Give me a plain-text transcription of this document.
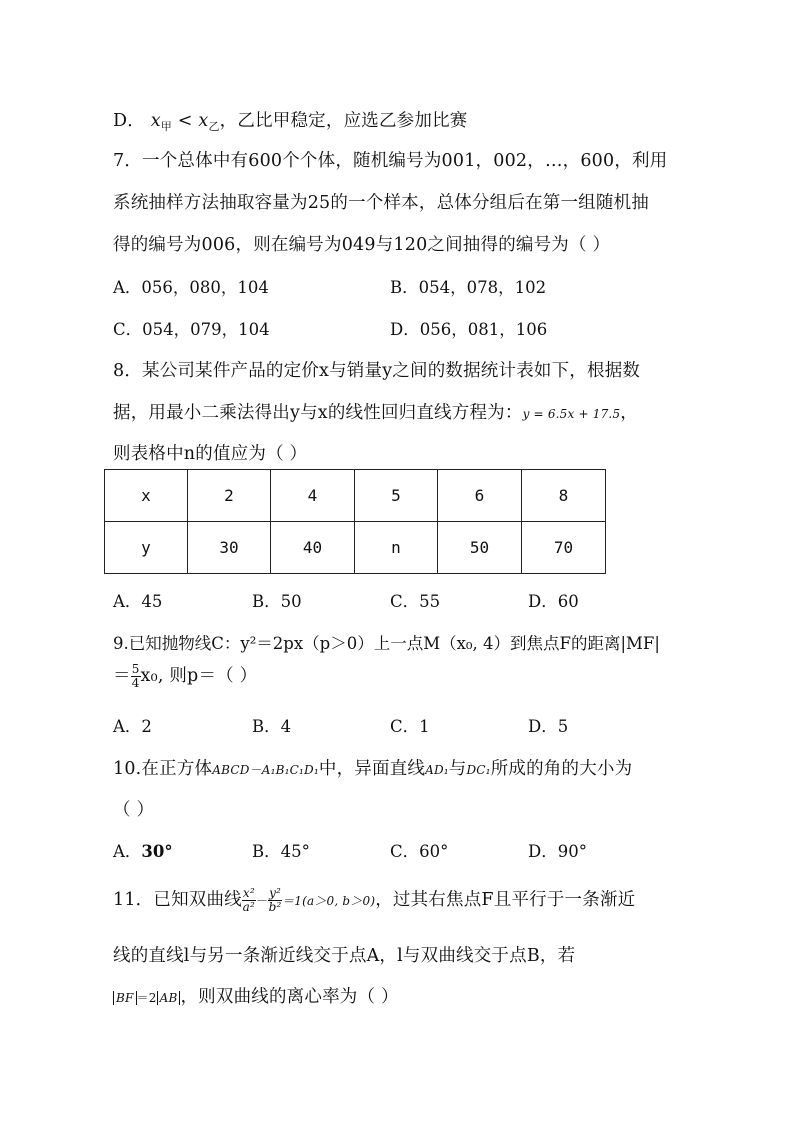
D． $x_甲 < x_乙$，乙比甲稳定，应选乙参加比赛
7．一个总体中有600个个体，随机编号为001，002，…，600，利用
系统抽样方法抽取容量为25的一个样本，总体分组后在第一组随机抽
得的编号为006，则在编号为049与120之间抽得的编号为（ ）
A．056，080，104	B．054，078，102
C．054，079，104	D．056，081，106
8．某公司某件产品的定价x与销量y之间的数据统计表如下，根据数
据，用最小二乘法得出y与x的线性回归直线方程为：y = 6.5x + 17.5，
则表格中n的值应为（ ）
x	2	4	5	6	8
y	30	40	n	50	70
A．45	B．50	C．55	D．60
9.已知抛物线C：y²＝2px（p＞0）上一点M（x₀, 4）到焦点F的距离|MF|
＝ $\frac{5}{4} x_0$, 则p＝（ ）
A．2	B．4	C．1	D．5
10.在正方体ABCD－A₁B₁C₁D₁中，异面直线AD₁与DC₁所成的角的大小为
（ ）
A．30°	B．45°	C．60°	D．90°
11．已知双曲线 $\frac{\text{x²}}{\text{a²}} - \frac{\text{y²}}{\text{b²}} =1(a>0$, b＞0)，过其右焦点F且平行于一条渐近
线的直线l与另一条渐近线交于点A，l与双曲线交于点B，若
BF ＝2 AB ，则双曲线的离心率为（ ）
